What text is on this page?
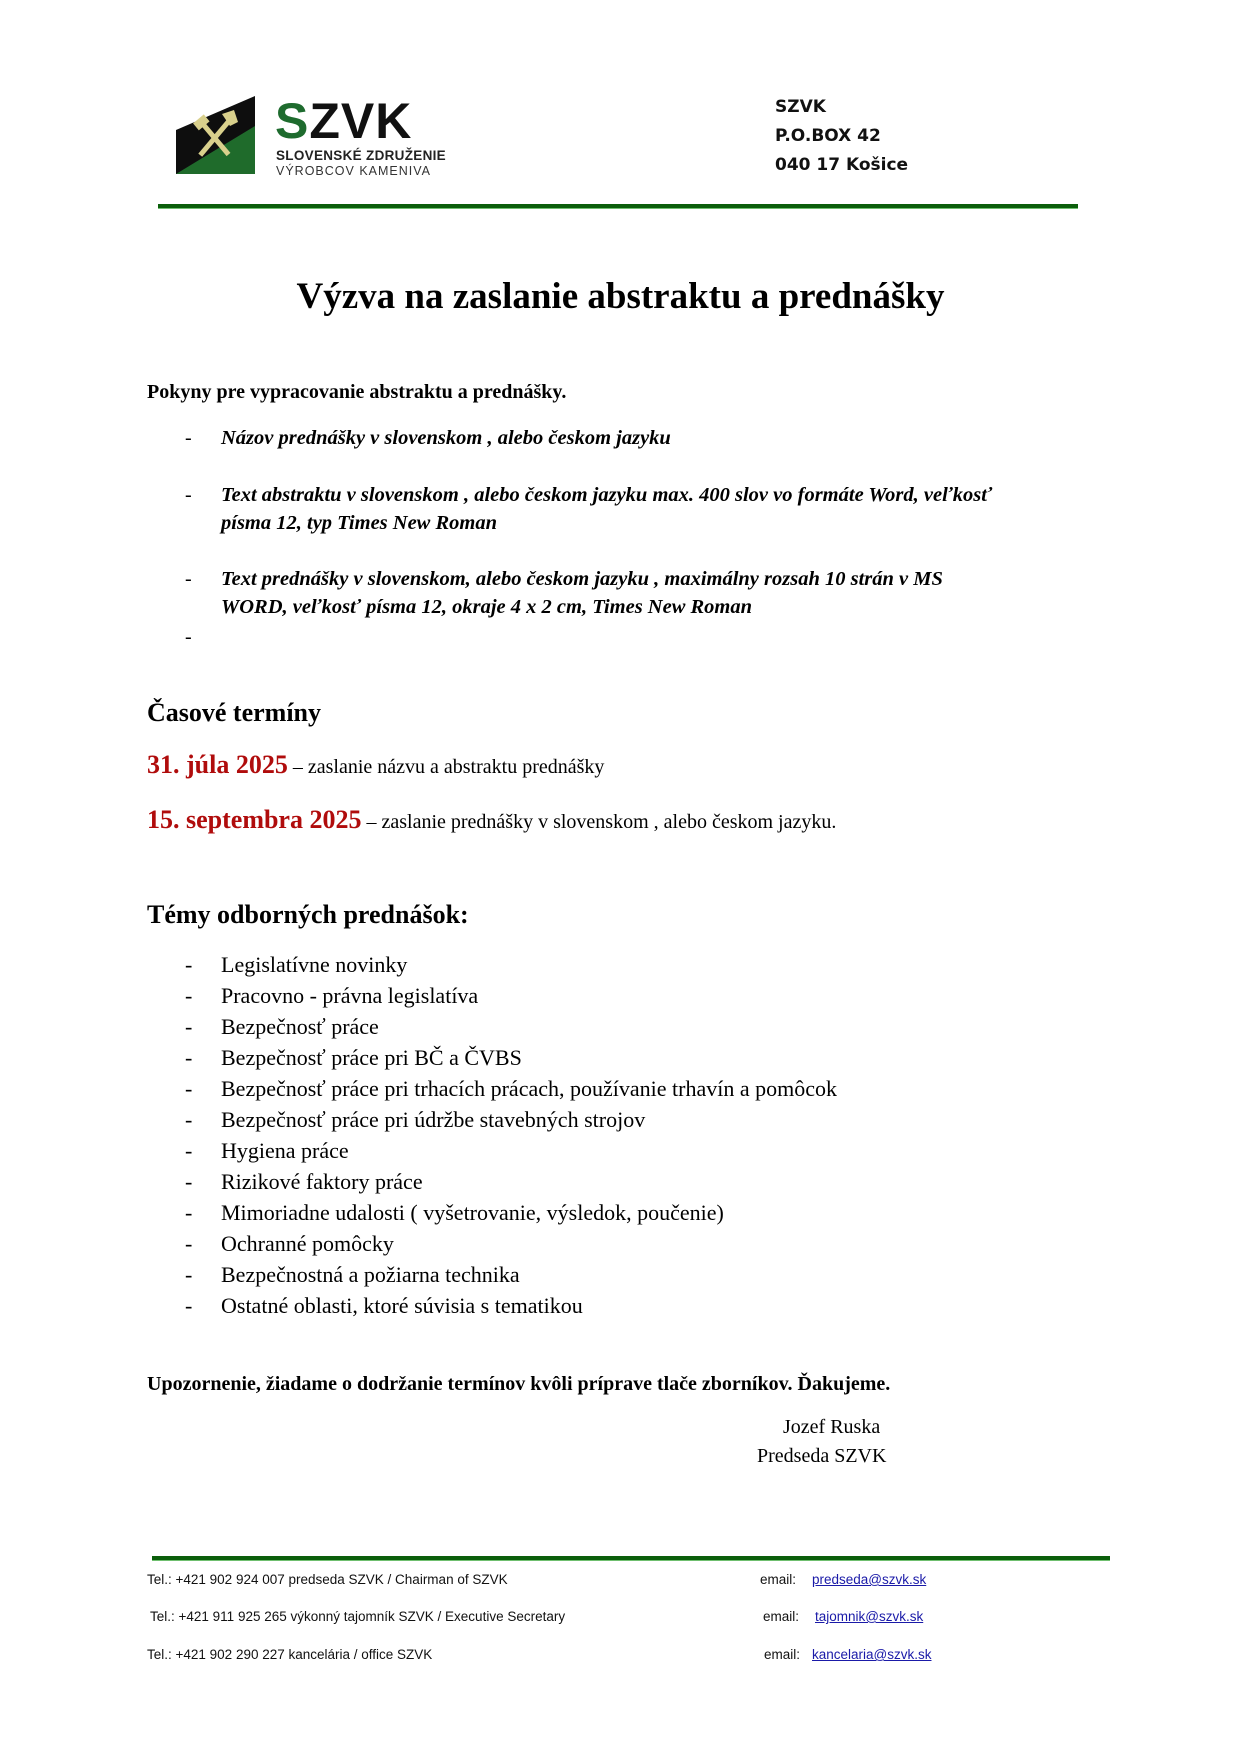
SZVK
SLOVENSKÉ ZDRUŽENIE
VÝROBCOV KAMENIVA
SZVK
P.O.BOX 42
040 17 Košice
Výzva na zaslanie abstraktu a prednášky
Pokyny pre vypracovanie abstraktu a prednášky.
- Názov prednášky v slovenskom , alebo českom jazyku
- Text abstraktu v slovenskom , alebo českom jazyku max. 400 slov vo formáte Word, veľkosť
písma 12, typ Times New Roman
- Text prednášky v slovenskom, alebo českom jazyku , maximálny rozsah 10 strán v MS
WORD, veľkosť písma 12, okraje 4 x 2 cm, Times New Roman
-
Časové termíny
31. júla 2025 – zaslanie názvu a abstraktu prednášky
15. septembra 2025 – zaslanie prednášky v slovenskom , alebo českom jazyku.
Témy odborných prednášok:
- Legislatívne novinky
- Pracovno - právna legislatíva
- Bezpečnosť práce
- Bezpečnosť práce pri BČ a ČVBS
- Bezpečnosť práce pri trhacích prácach, používanie trhavín a pomôcok
- Bezpečnosť práce pri údržbe stavebných strojov
- Hygiena práce
- Rizikové faktory práce
- Mimoriadne udalosti ( vyšetrovanie, výsledok, poučenie)
- Ochranné pomôcky
- Bezpečnostná a požiarna technika
- Ostatné oblasti, ktoré súvisia s tematikou
Upozornenie, žiadame o dodržanie termínov kvôli príprave tlače zborníkov. Ďakujeme.
Jozef Ruska
Predseda SZVK
Tel.: +421 902 924 007 predseda SZVK / Chairman of SZVK	email: predseda@szvk.sk
Tel.: +421 911 925 265 výkonný tajomník SZVK / Executive Secretary	email: tajomnik@szvk.sk
Tel.: +421 902 290 227 kancelária / office SZVK	email: kancelaria@szvk.sk
